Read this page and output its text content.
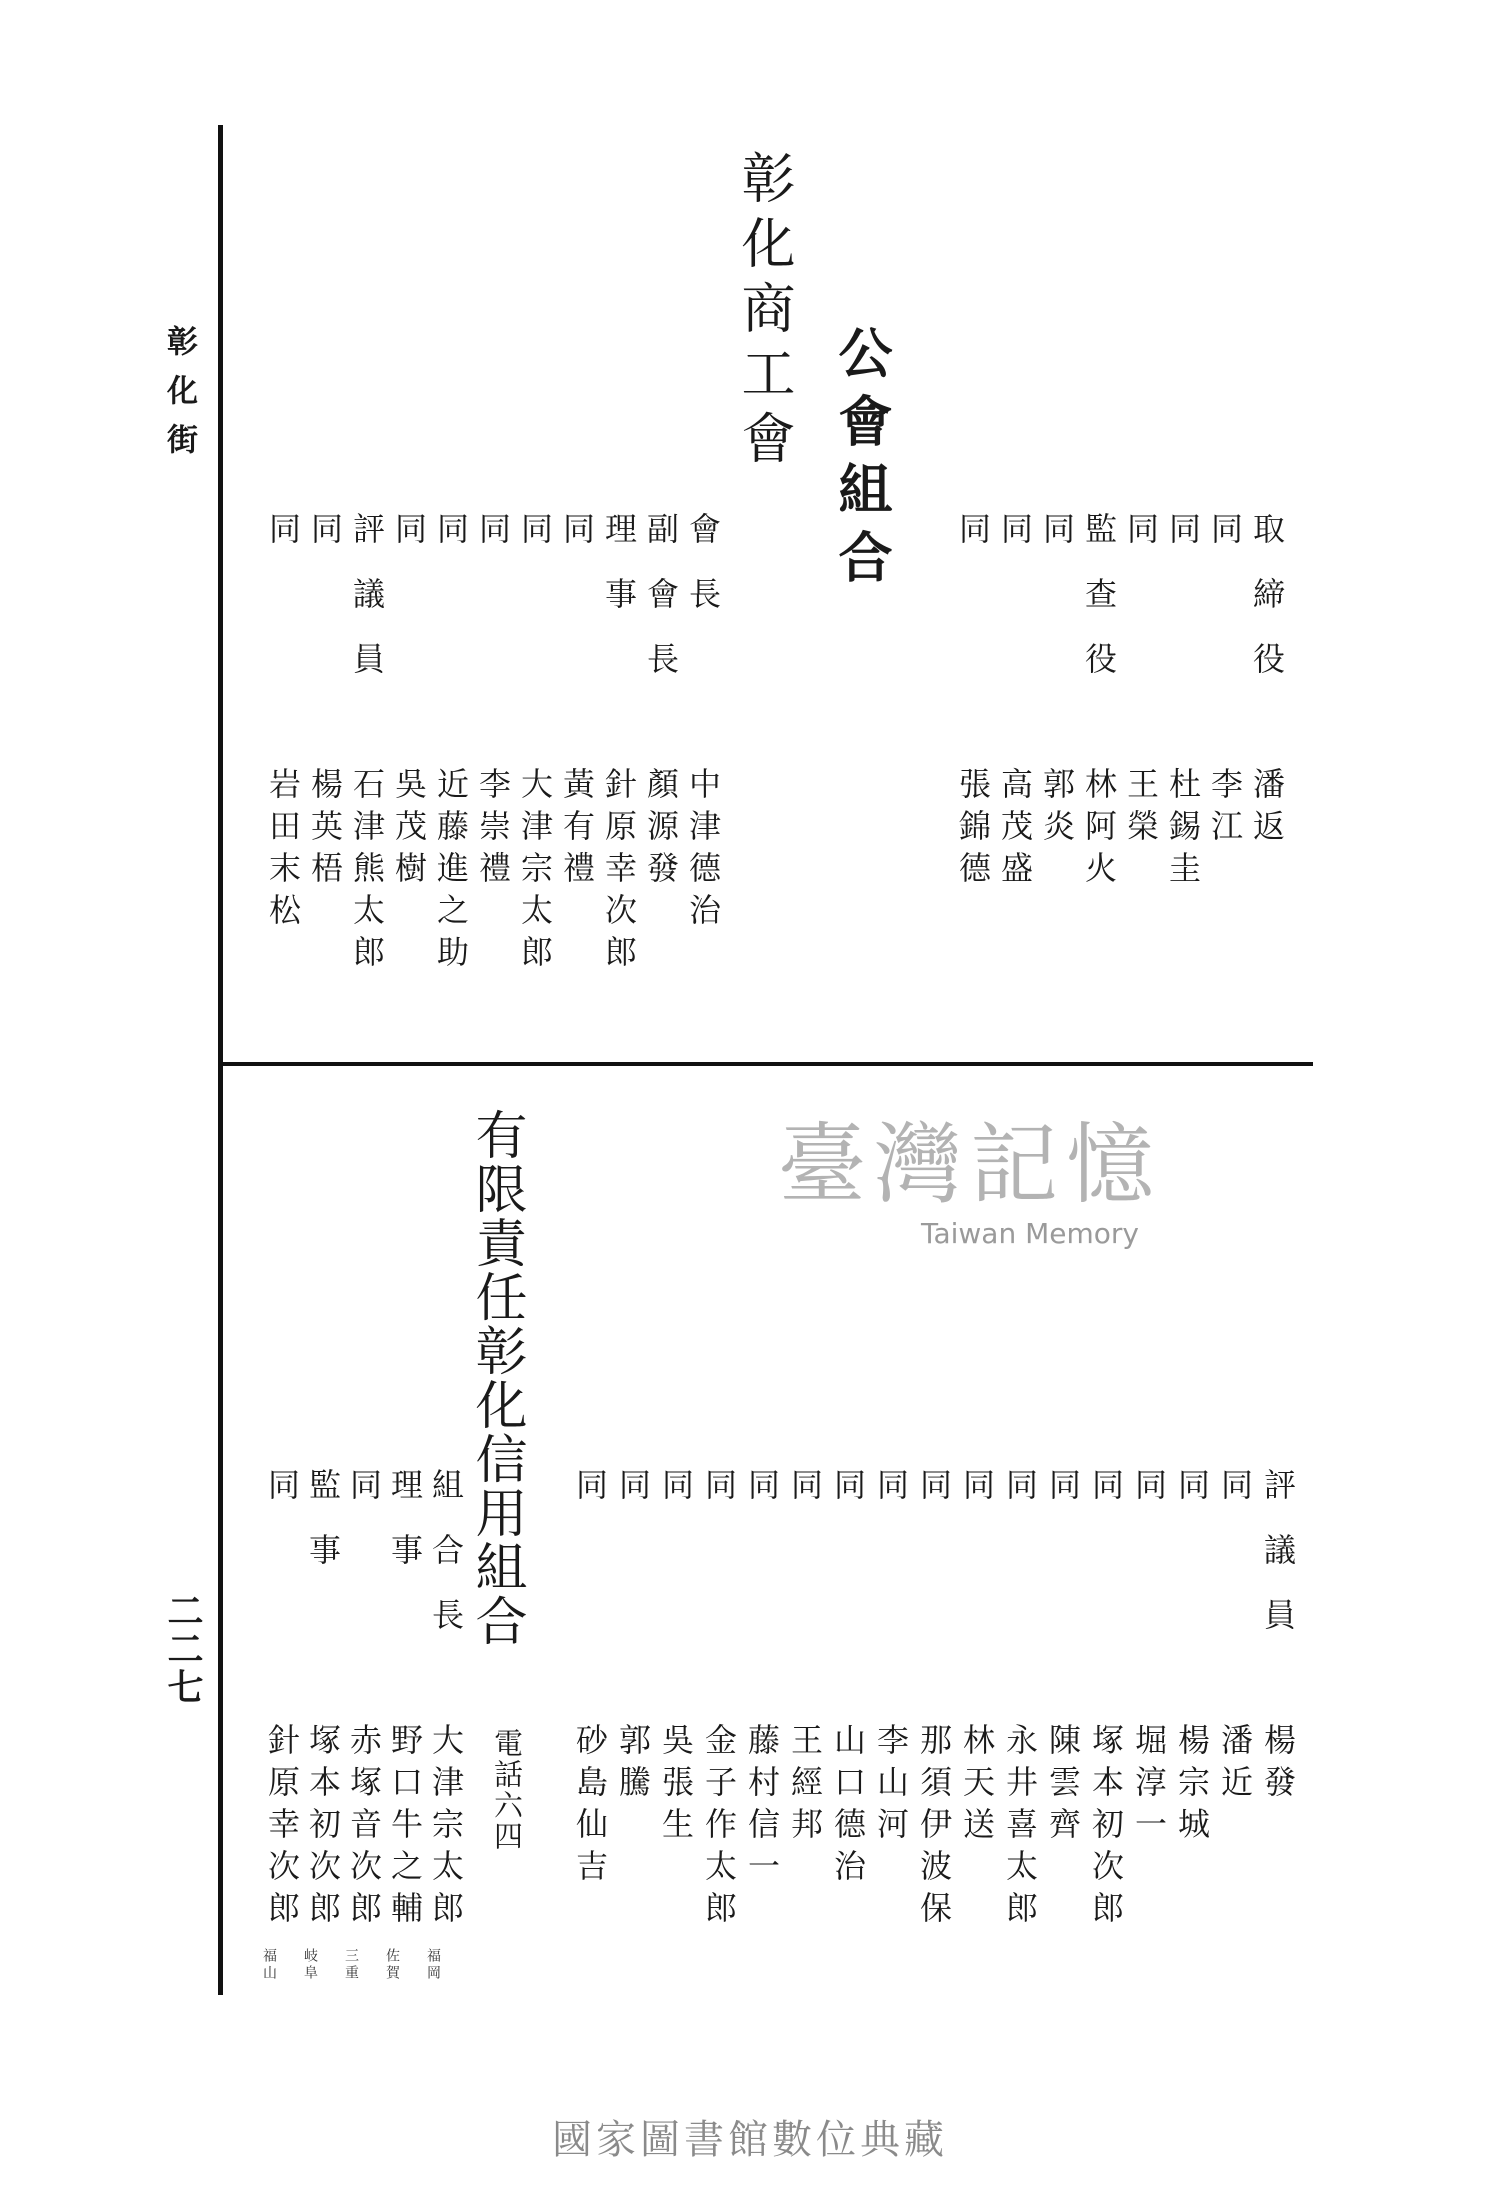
彰化街
二二七
彰化商工會 公會組合
取締役
潘返
同
李江
同
杜錫圭
同
王榮
監查役
林阿火
同
郭炎
同
高茂盛
同
張錦德
會長
中津德治
副會長
顏源發
理事
針原幸次郎
同
黃有禮
同
大津宗太郎
同
李崇禮
同
近藤進之助
同
吳茂樹
評議員
石津熊太郎
同
楊英梧
同
岩田末松
臺灣記憶
Taiwan Memory
有限責任彰化信用組合
電話六四
評議員
楊發
同
潘近
同
楊宗城
同
堀淳一
同
塚本初次郎
同
陳雲齊
同
永井喜太郎
同
林天送
同
那須伊波保
同
李山河
同
山口德治
同
王經邦
同
藤村信一
同
金子作太郎
同
吳張生
同
郭騰
同
砂島仙吉
組合長
大津宗太郎
福岡
理事
野口牛之輔
佐賀
同
赤塚音次郎
三重
監事
塚本初次郎
岐阜
同
針原幸次郎
福山
國家圖書館數位典藏
